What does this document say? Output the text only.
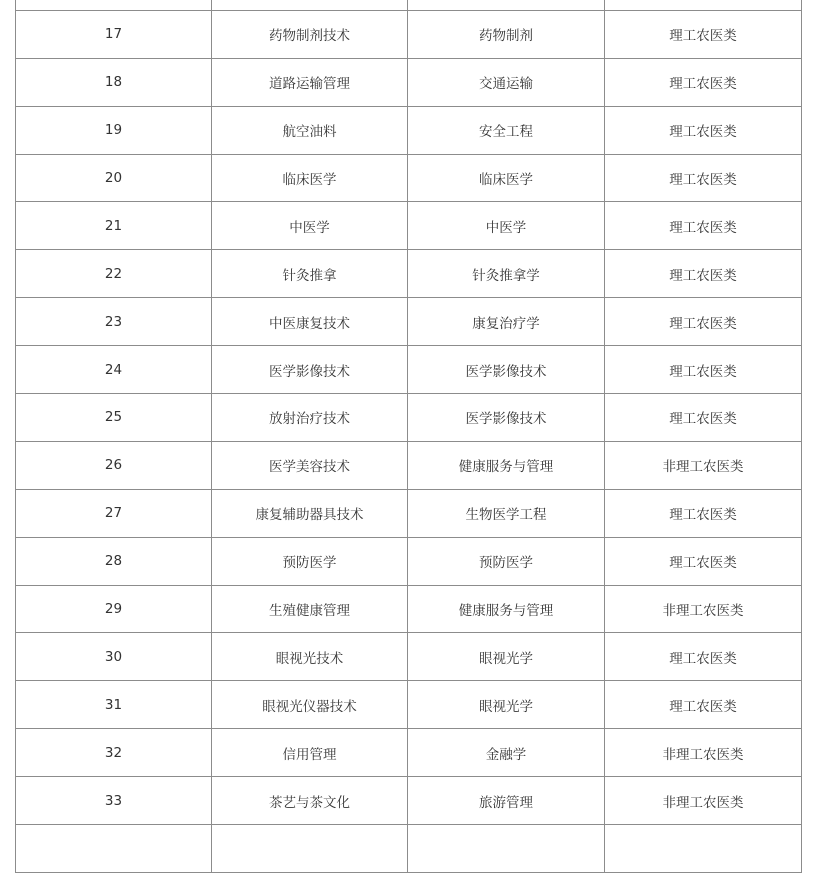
17	药物制剂技术	药物制剂	理工农医类
18	道路运输管理	交通运输	理工农医类
19	航空油料	安全工程	理工农医类
20	临床医学	临床医学	理工农医类
21	中医学	中医学	理工农医类
22	针灸推拿	针灸推拿学	理工农医类
23	中医康复技术	康复治疗学	理工农医类
24	医学影像技术	医学影像技术	理工农医类
25	放射治疗技术	医学影像技术	理工农医类
26	医学美容技术	健康服务与管理	非理工农医类
27	康复辅助器具技术	生物医学工程	理工农医类
28	预防医学	预防医学	理工农医类
29	生殖健康管理	健康服务与管理	非理工农医类
30	眼视光技术	眼视光学	理工农医类
31	眼视光仪器技术	眼视光学	理工农医类
32	信用管理	金融学	非理工农医类
33	茶艺与茶文化	旅游管理	非理工农医类
